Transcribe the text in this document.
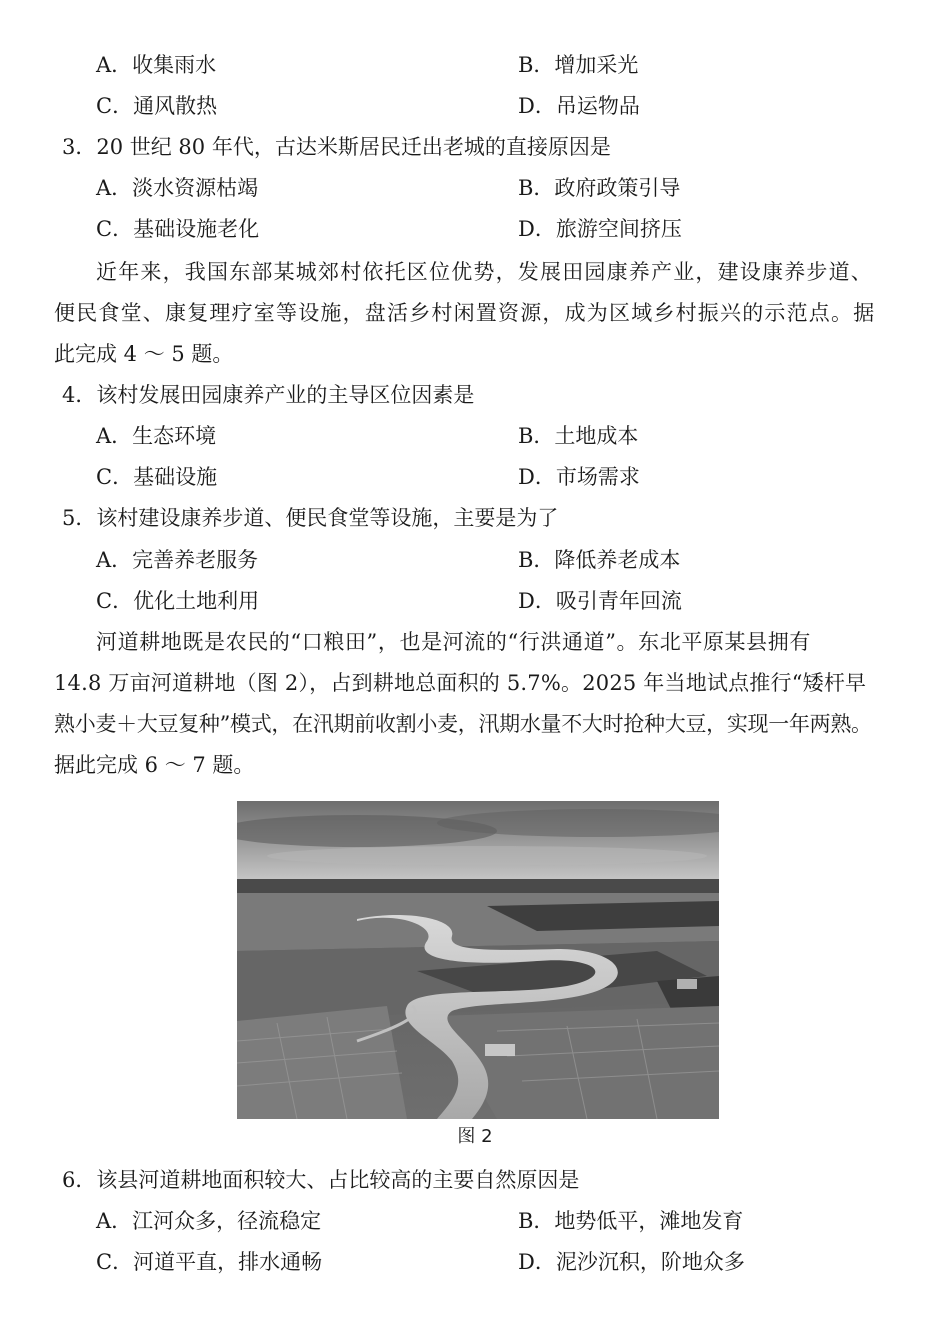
A．收集雨水	B．增加采光
C．通风散热	D．吊运物品
3．20 世纪 80 年代，古达米斯居民迁出老城的直接原因是
A．淡水资源枯竭	B．政府政策引导
C．基础设施老化	D．旅游空间挤压
近年来，我国东部某城郊村依托区位优势，发展田园康养产业，建设康养步道、
便民食堂、康复理疗室等设施，盘活乡村闲置资源，成为区域乡村振兴的示范点。据
此完成 4 ～ 5 题。
4．该村发展田园康养产业的主导区位因素是
A．生态环境	B．土地成本
C．基础设施	D．市场需求
5．该村建设康养步道、便民食堂等设施，主要是为了
A．完善养老服务	B．降低养老成本
C．优化土地利用	D．吸引青年回流
河道耕地既是农民的“口粮田”，也是河流的“行洪通道”。东北平原某县拥有
14.8 万亩河道耕地（图 2），占到耕地总面积的 5.7%。2025 年当地试点推行“矮杆早
熟小麦＋大豆复种”模式，在汛期前收割小麦，汛期水量不大时抢种大豆，实现一年两熟。
据此完成 6 ～ 7 题。
图 2
6．该县河道耕地面积较大、占比较高的主要自然原因是
A．江河众多，径流稳定	B．地势低平，滩地发育
C．河道平直，排水通畅	D．泥沙沉积，阶地众多
